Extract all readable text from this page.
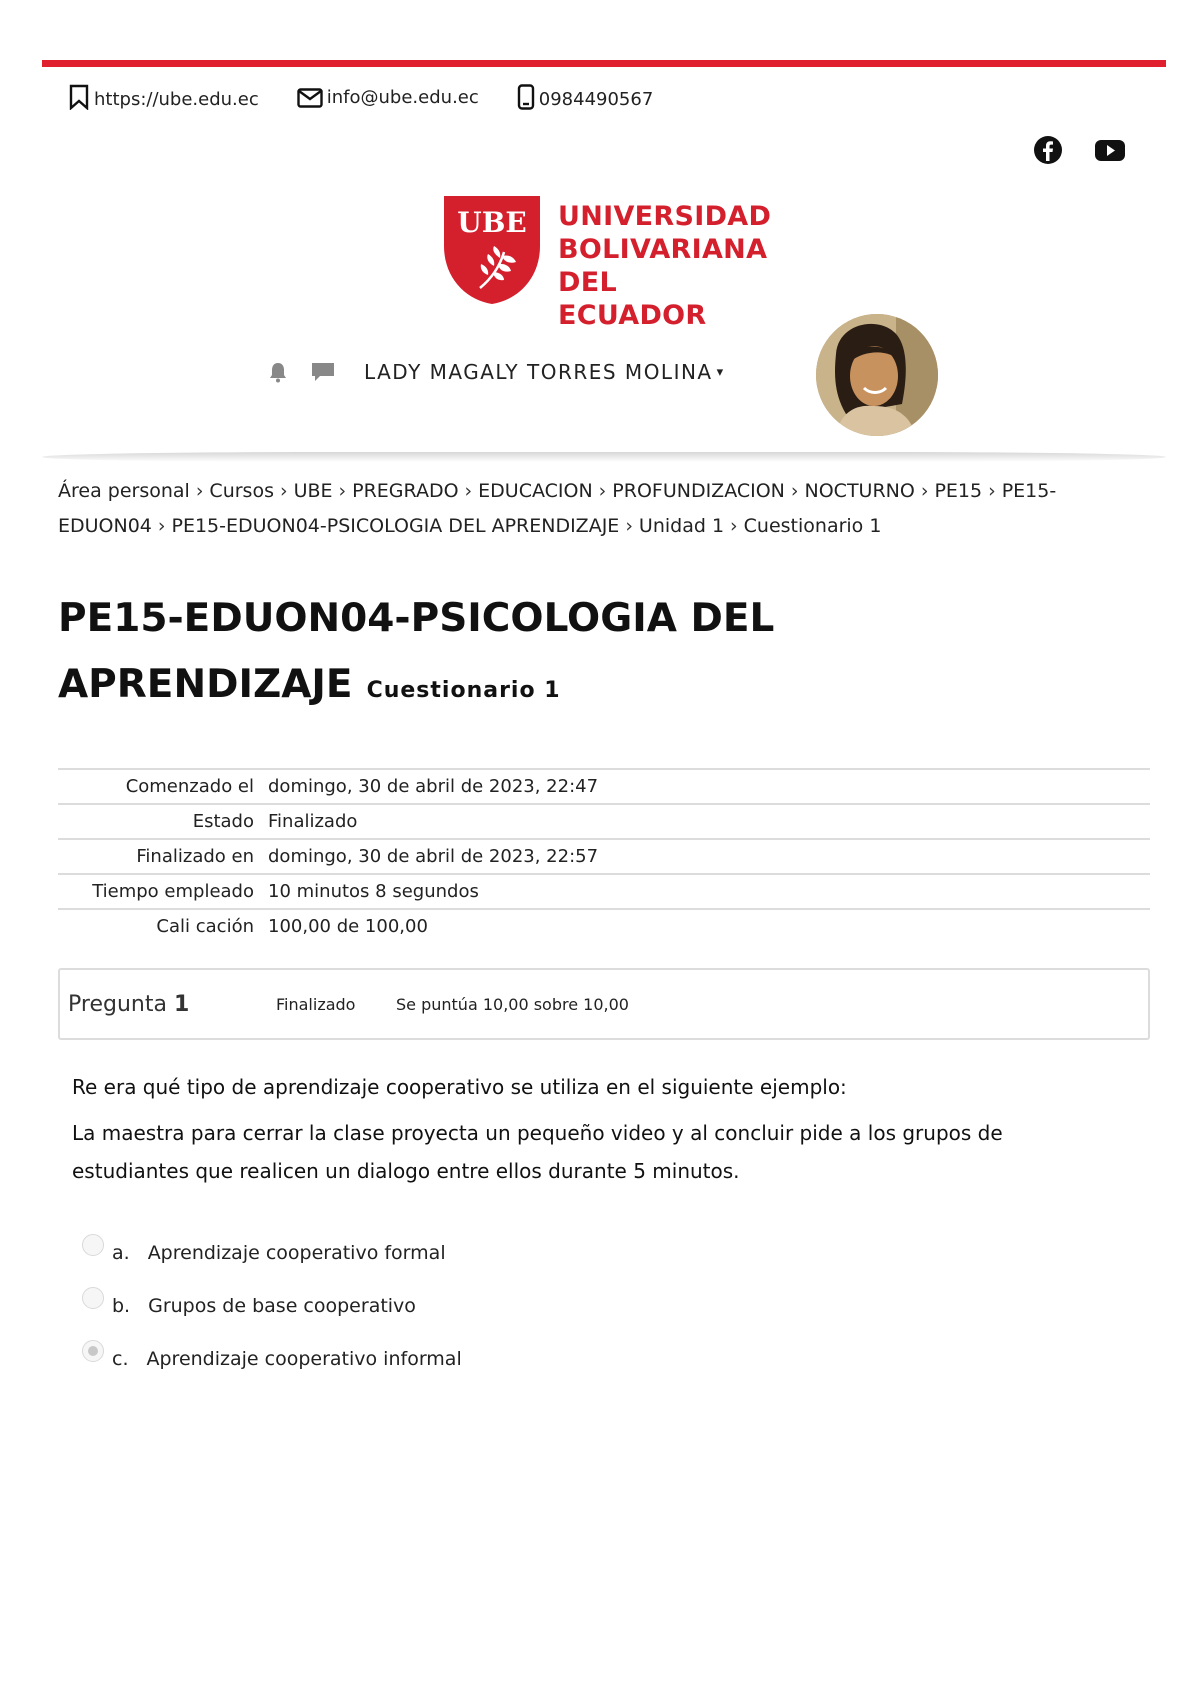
https://ube.edu.ec	info@ube.edu.ec	0984490567
UBE	UNIVERSIDAD
BOLIVARIANA
DEL ECUADOR
LADY MAGALY TORRES MOLINA ▾
Área personal › Cursos › UBE › PREGRADO › EDUCACION › PROFUNDIZACION › NOCTURNO › PE15 › PE15-EDUON04 › PE15-EDUON04-PSICOLOGIA DEL APRENDIZAJE › Unidad 1 › Cuestionario 1
PE15-EDUON04-PSICOLOGIA DEL APRENDIZAJE Cuestionario 1
Comenzado el domingo, 30 de abril de 2023, 22:47
Estado Finalizado
Finalizado en domingo, 30 de abril de 2023, 22:57
Tiempo empleado 10 minutos 8 segundos
Cali cación 100,00 de 100,00
Pregunta 1	Finalizado	Se puntúa 10,00 sobre 10,00

Re era qué tipo de aprendizaje cooperativo se utiliza en el siguiente ejemplo:

La maestra para cerrar la clase proyecta un pequeño video y al concluir pide a los grupos de estudiantes que realicen un dialogo entre ellos durante 5 minutos.

a. Aprendizaje cooperativo formal
b. Grupos de base cooperativo
c. Aprendizaje cooperativo informal
